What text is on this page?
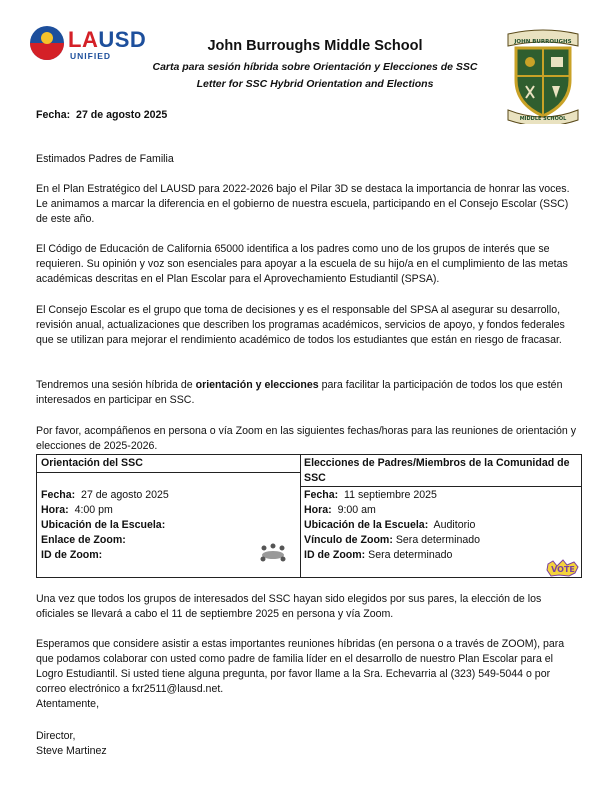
LAUSD
UNIFIED
John Burroughs Middle School
Carta para sesión híbrida sobre Orientación y Elecciones de SSC
Letter for SSC Hybrid Orientation and Elections
JOHN BURROUGHS
MIDDLE SCHOOL
Fecha: 27 de agosto 2025
Estimados Padres de Familia
En el Plan Estratégico del LAUSD para 2022-2026 bajo el Pilar 3D se destaca la importancia de honrar las voces. Le animamos a marcar la diferencia en el gobierno de nuestra escuela, participando en el Consejo Escolar (SSC) de este año.
El Código de Educación de California 65000 identifica a los padres como uno de los grupos de interés que se requieren. Su opinión y voz son esenciales para apoyar a la escuela de su hijo/a en el cumplimiento de las metas académicas descritas en el Plan Escolar para el Aprovechamiento Estudiantil (SPSA).
El Consejo Escolar es el grupo que toma de decisiones y es el responsable del SPSA al asegurar su desarrollo, revisión anual, actualizaciones que describen los programas académicos, servicios de apoyo, y fondos federales que se utilizan para mejorar el rendimiento académico de todos los estudiantes que están en riesgo de fracasar.
Tendremos una sesión híbrida de orientación y elecciones para facilitar la participación de todos los que estén interesados en participar en SSC.
Por favor, acompáñenos en persona o vía Zoom en las siguientes fechas/horas para las reuniones de orientación y elecciones de 2025-2026.
Orientación del SSC	Elecciones de Padres/Miembros de la Comunidad de SSC
Fecha: 27 de agosto 2025
Hora: 4:00 pm
Ubicación de la Escuela:
Enlace de Zoom:
ID de Zoom:
Fecha: 11 septiembre 2025
Hora: 9:00 am
Ubicación de la Escuela: Auditorio
Vínculo de Zoom: Sera determinado
ID de Zoom: Sera determinado
VOTE
Una vez que todos los grupos de interesados del SSC hayan sido elegidos por sus pares, la elección de los oficiales se llevará a cabo el 11 de septiembre 2025 en persona y vía Zoom.
Esperamos que considere asistir a estas importantes reuniones híbridas (en persona o a través de ZOOM), para que podamos colaborar con usted como padre de familia líder en el desarrollo de nuestro Plan Escolar para el Logro Estudiantil. Si usted tiene alguna pregunta, por favor llame a la Sra. Echevarria al (323) 549-5044 o por correo electrónico a fxr2511@lausd.net.
Atentamente,
Director,
Steve Martinez
